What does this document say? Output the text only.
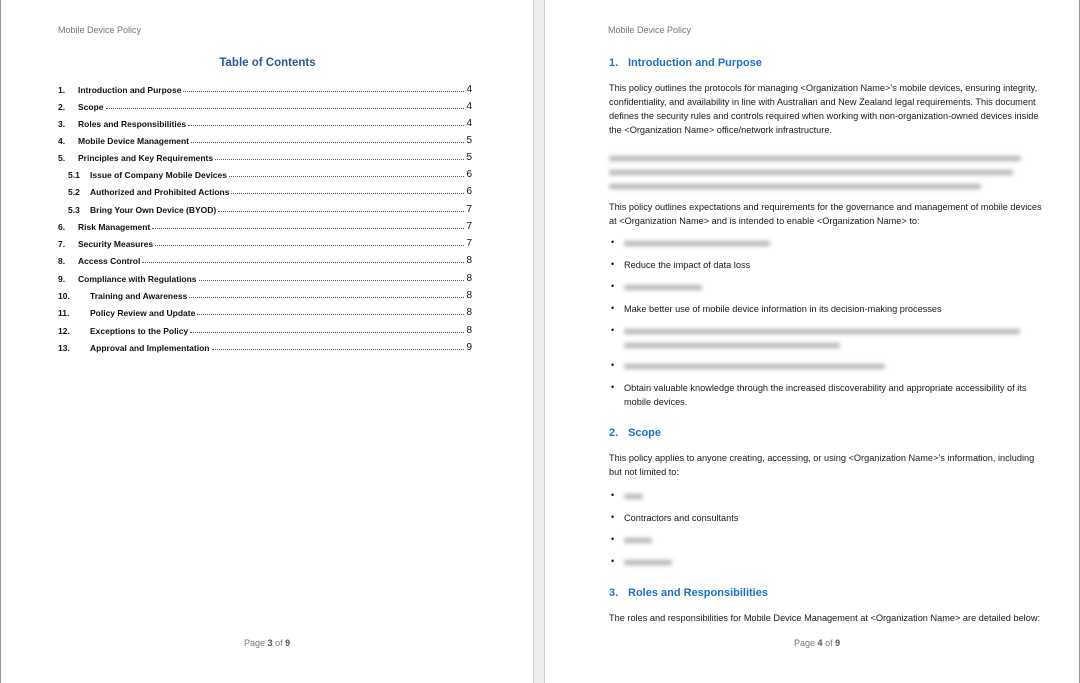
Mobile Device Policy
Table of Contents
1.	Introduction and Purpose	4
2.	Scope	4
3.	Roles and Responsibilities	4
4.	Mobile Device Management	5
5.	Principles and Key Requirements	5
5.1	Issue of Company Mobile Devices	6
5.2	Authorized and Prohibited Actions	6
5.3	Bring Your Own Device (BYOD)	7
6.	Risk Management	7
7.	Security Measures	7
8.	Access Control	8
9.	Compliance with Regulations	8
10.	Training and Awareness	8
11.	Policy Review and Update	8
12.	Exceptions to the Policy	8
13.	Approval and Implementation	9
Page 3 of 9
Mobile Device Policy
Page 4 of 9
1. Introduction and Purpose
This policy outlines the protocols for managing <Organization Name>’s mobile devices, ensuring integrity,
confidentiality, and availability in line with Australian and New Zealand legal requirements. This document
defines the security rules and controls required when working with non-organization-owned devices inside
the <Organization Name> office/network infrastructure.
This policy outlines expectations and requirements for the governance and management of mobile devices
at <Organization Name> and is intended to enable <Organization Name> to:
•
• Reduce the impact of data loss
•
• Make better use of mobile device information in its decision-making processes
•
•
• Obtain valuable knowledge through the increased discoverability and appropriate accessibility of its
mobile devices.
2. Scope
This policy applies to anyone creating, accessing, or using <Organization Name>’s information, including
but not limited to:
•
• Contractors and consultants
•
•
3. Roles and Responsibilities
The roles and responsibilities for Mobile Device Management at <Organization Name> are detailed below:
